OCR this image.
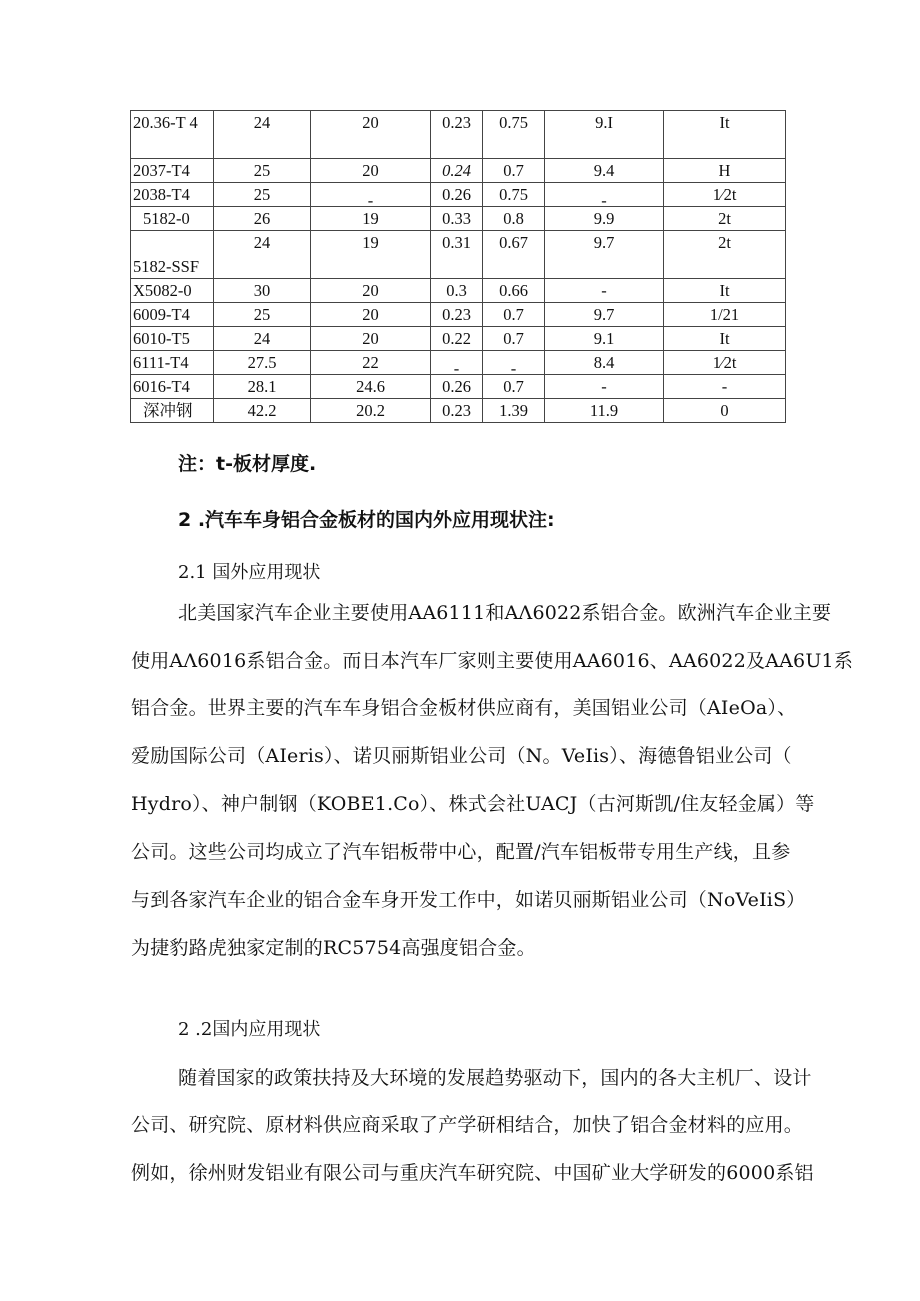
20.36-T 4	24	20	0.23	0.75	9.I	It
2037-T4	25	20	0.24	0.7	9.4	H
2038-T4	25	-	0.26	0.75	-	1⁄2t
5182-0	26	19	0.33	0.8	9.9	2t
5182-SSF	24	19	0.31	0.67	9.7	2t
X5082-0	30	20	0.3	0.66	-	It
6009-T4	25	20	0.23	0.7	9.7	1/21
6010-T5	24	20	0.22	0.7	9.1	It
6111-T4	27.5	22	-	-	8.4	1⁄2t
6016-T4	28.1	24.6	0.26	0.7	-	-
深冲钢	42.2	20.2	0.23	1.39	11.9	0
注：t-板材厚度.
2 .汽车车身铝合金板材的国内外应用现状注:
2.1 国外应用现状
北美国家汽车企业主要使用AA6111和AΛ6022系铝合金。欧洲汽车企业主要
使用AΛ6016系铝合金。而日本汽车厂家则主要使用AA6016、AA6022及AA6U1系
铝合金。世界主要的汽车车身铝合金板材供应商有，美国铝业公司（AIeOa）、
爱励国际公司（AIeris）、诺贝丽斯铝业公司（N。VeIis）、海德鲁铝业公司（
Hydro）、神户制钢（KOBE1.Co）、株式会社UACJ（古河斯凯/住友轻金属）等
公司。这些公司均成立了汽车铝板带中心，配置/汽车铝板带专用生产线，且参
与到各家汽车企业的铝合金车身开发工作中，如诺贝丽斯铝业公司（NoVeIiS）
为捷豹路虎独家定制的RC5754高强度铝合金。
2 .2国内应用现状
随着国家的政策扶持及大环境的发展趋势驱动下，国内的各大主机厂、设计
公司、研究院、原材料供应商采取了产学研相结合，加快了铝合金材料的应用。
例如，徐州财发铝业有限公司与重庆汽车研究院、中国矿业大学研发的6000系铝
